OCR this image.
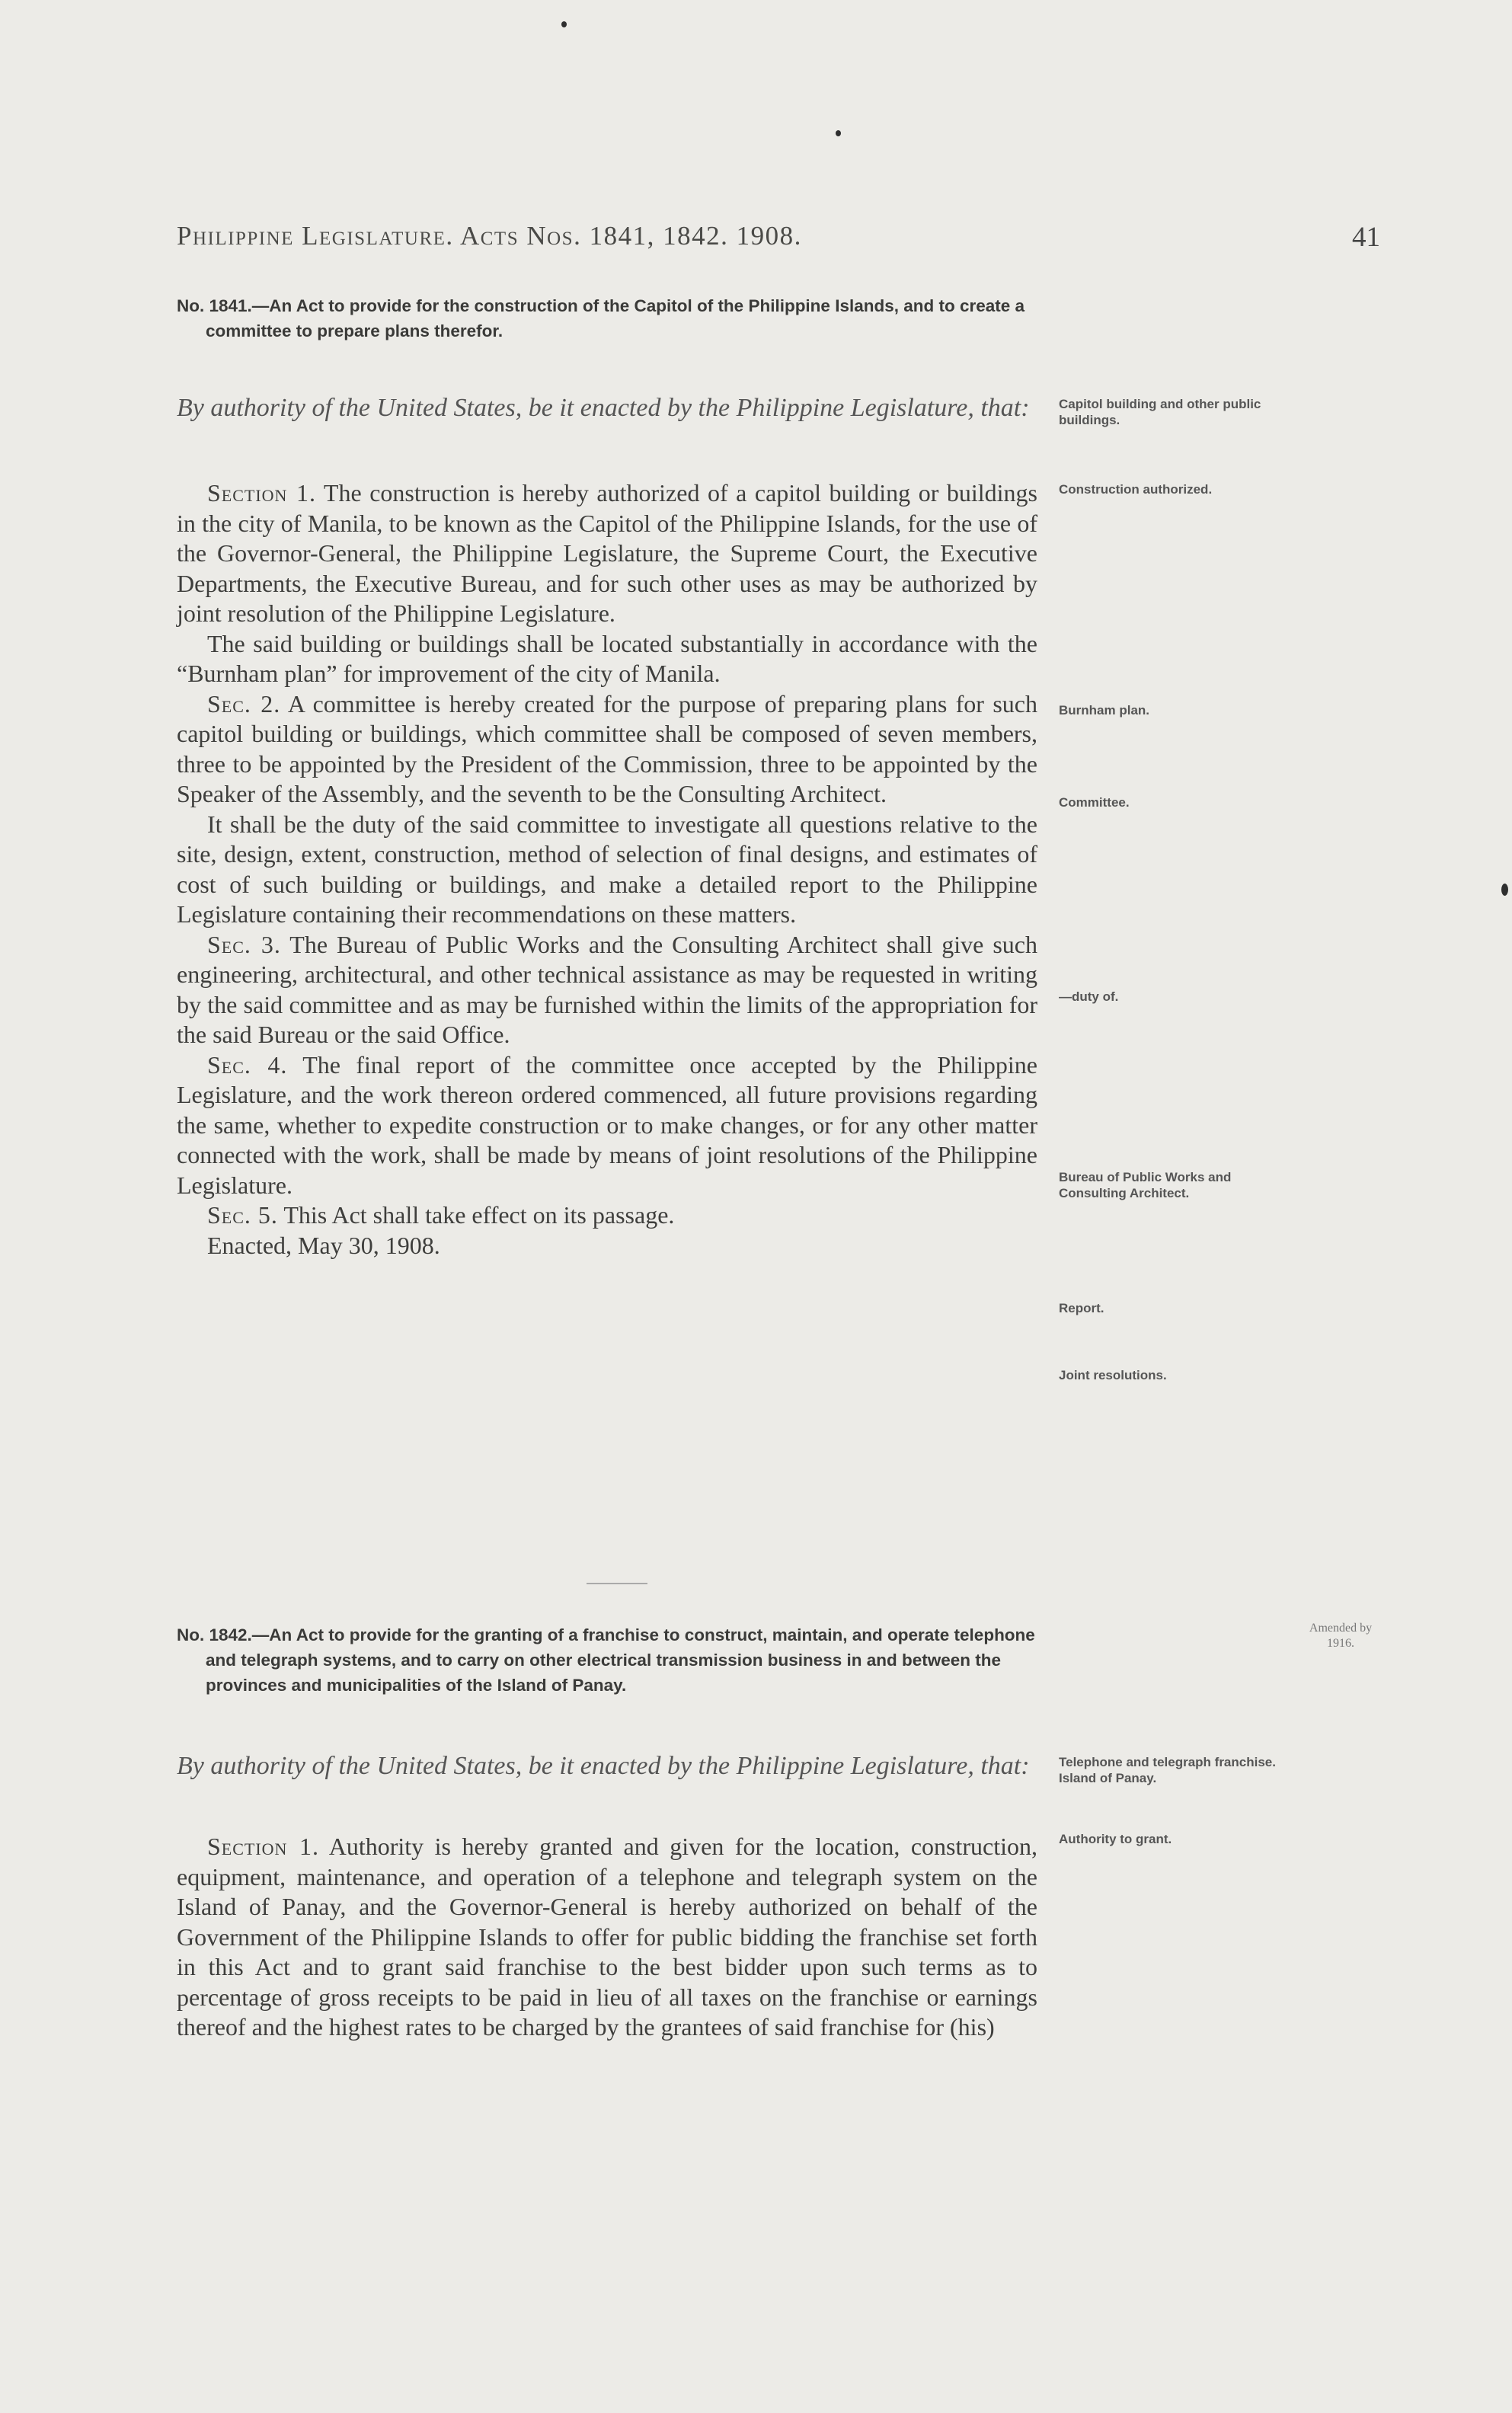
Philippine Legislature. Acts Nos. 1841, 1842. 1908.	41
No. 1841.—An Act to provide for the construction of the Capitol of the Philippine Islands, and to create a committee to prepare plans therefor.
By authority of the United States, be it enacted by the Philippine Legislature, that:

Section 1. The construction is hereby authorized of a capitol building or buildings in the city of Manila, to be known as the Capitol of the Philippine Islands, for the use of the Governor-General, the Philippine Legislature, the Supreme Court, the Executive Departments, the Executive Bureau, and for such other uses as may be authorized by joint resolution of the Philippine Legislature.

The said building or buildings shall be located substantially in accordance with the “Burnham plan” for improvement of the city of Manila.

Sec. 2. A committee is hereby created for the purpose of preparing plans for such capitol building or buildings, which committee shall be composed of seven members, three to be appointed by the President of the Commission, three to be appointed by the Speaker of the Assembly, and the seventh to be the Consulting Architect.

It shall be the duty of the said committee to investigate all questions relative to the site, design, extent, construction, method of selection of final designs, and estimates of cost of such building or buildings, and make a detailed report to the Philippine Legislature containing their recommendations on these matters.

Sec. 3. The Bureau of Public Works and the Consulting Architect shall give such engineering, architectural, and other technical assistance as may be requested in writing by the said committee and as may be furnished within the limits of the appropriation for the said Bureau or the said Office.

Sec. 4. The final report of the committee once accepted by the Philippine Legislature, and the work thereon ordered commenced, all future provisions regarding the same, whether to expedite construction or to make changes, or for any other matter connected with the work, shall be made by means of joint resolutions of the Philippine Legislature.

Sec. 5. This Act shall take effect on its passage.

Enacted, May 30, 1908.

Capitol building and other public buildings.
Construction authorized.
Burnham plan.
Committee.
—duty of.
Bureau of Public Works and Consulting Architect.
Report.
Joint resolutions.
No. 1842.—An Act to provide for the granting of a franchise to construct, maintain, and operate telephone and telegraph systems, and to carry on other electrical transmission business in and between the provinces and municipalities of the Island of Panay.
Amended by 1916.
By authority of the United States, be it enacted by the Philippine Legislature, that:

Section 1. Authority is hereby granted and given for the location, construction, equipment, maintenance, and operation of a telephone and telegraph system on the Island of Panay, and the Governor-General is hereby authorized on behalf of the Government of the Philippine Islands to offer for public bidding the franchise set forth in this Act and to grant said franchise to the best bidder upon such terms as to percentage of gross receipts to be paid in lieu of all taxes on the franchise or earnings thereof and the highest rates to be charged by the grantees of said franchise for (his)

Telephone and telegraph franchise. Island of Panay.
Authority to grant.
